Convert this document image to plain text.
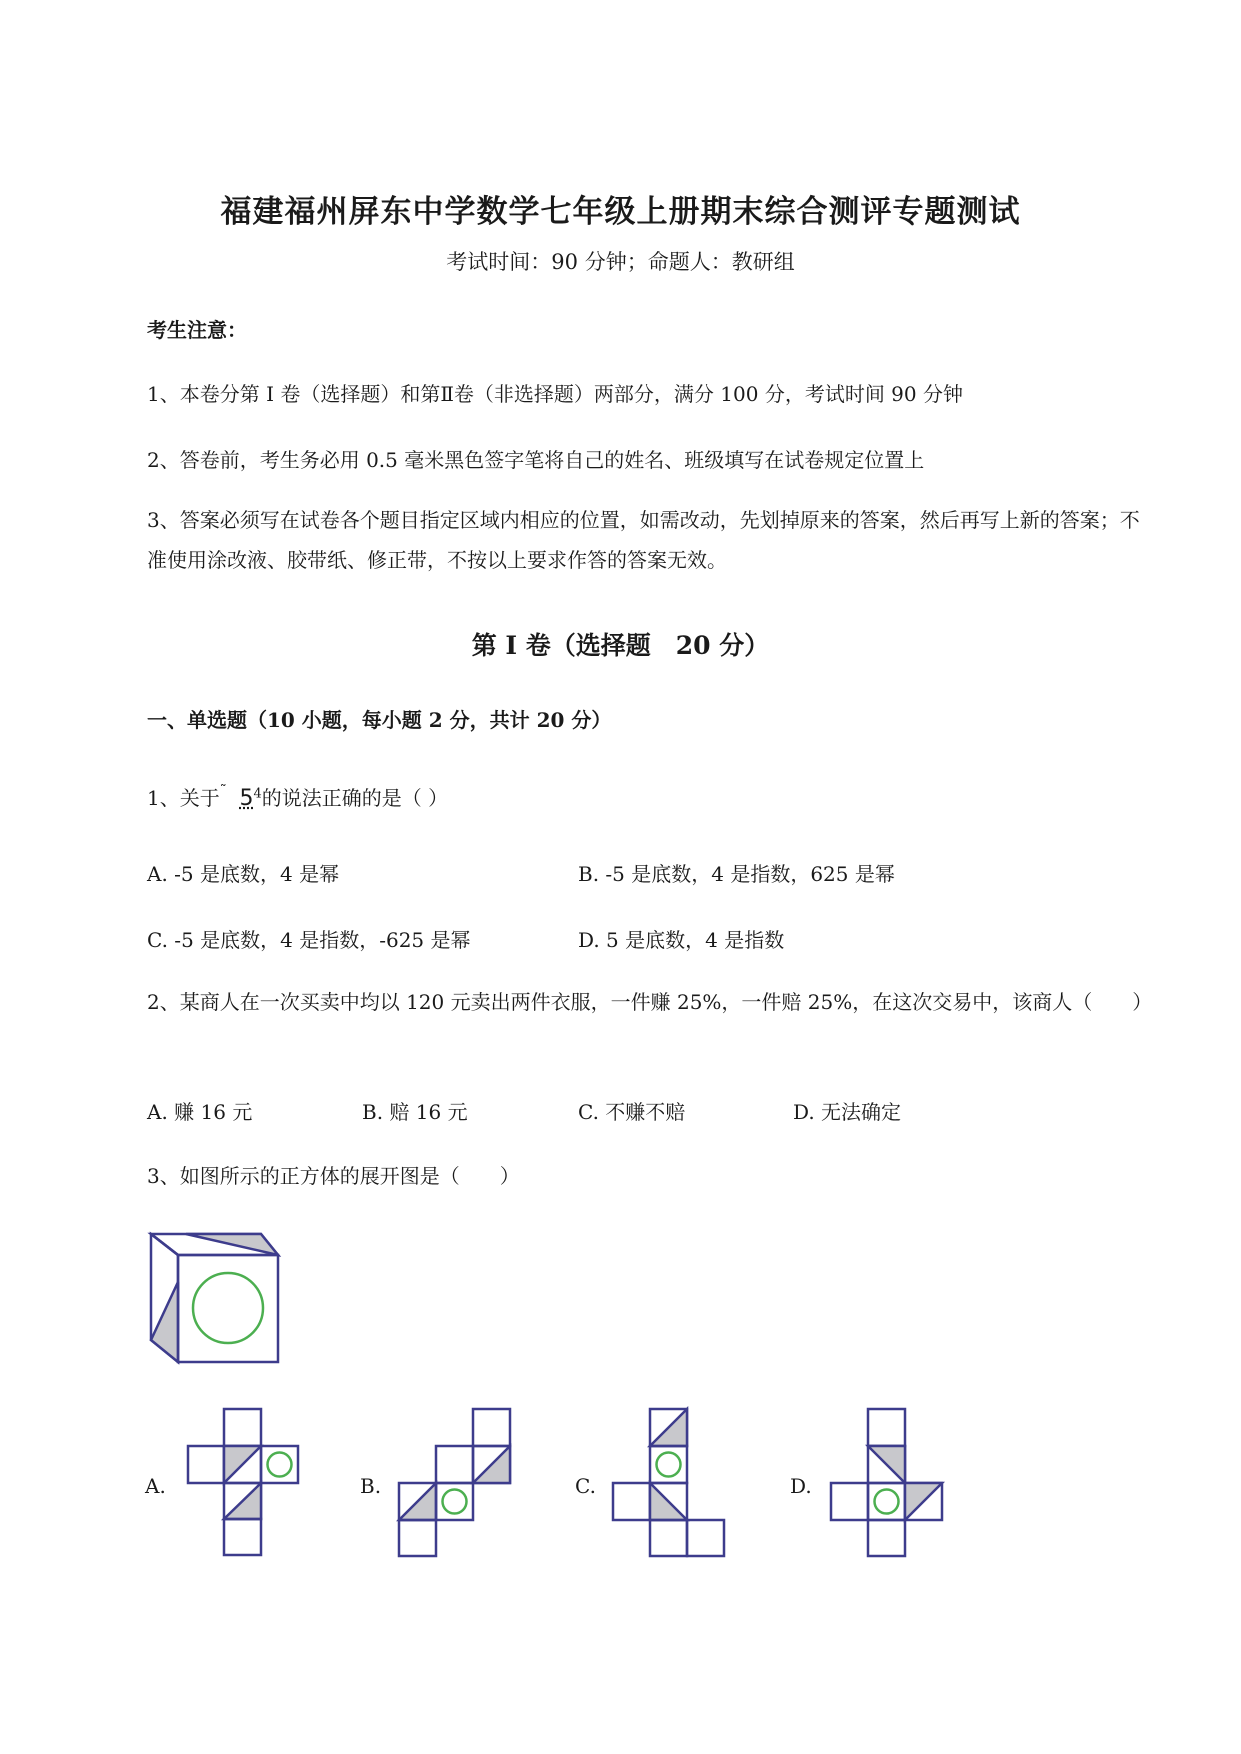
福建福州屏东中学数学七年级上册期末综合测评专题测试
考试时间：90 分钟；命题人：教研组
考生注意：
1、本卷分第 I 卷（选择题）和第Ⅱ卷（非选择题）两部分，满分 100 分，考试时间 90 分钟
2、答卷前，考生务必用 0.5 毫米黑色签字笔将自己的姓名、班级填写在试卷规定位置上
3、答案必须写在试卷各个题目指定区域内相应的位置，如需改动，先划掉原来的答案，然后再写上新的答案；不准使用涂改液、胶带纸、修正带，不按以上要求作答的答案无效。
第 I 卷（选择题　20 分）
一、单选题（10 小题，每小题 2 分，共计 20 分）
1、关于˜ $5^4$的说法正确的是（ ）
A. -5 是底数，4 是幂	B. -5 是底数，4 是指数，625 是幂
C. -5 是底数，4 是指数，-625 是幂	D. 5 是底数，4 是指数
2、某商人在一次买卖中均以 120 元卖出两件衣服，一件赚 25%，一件赔 25%，在这次交易中，该商人（　　）
A. 赚 16 元	B. 赔 16 元	C. 不赚不赔	D. 无法确定
3、如图所示的正方体的展开图是（　　）
A.	B.	C.	D.
